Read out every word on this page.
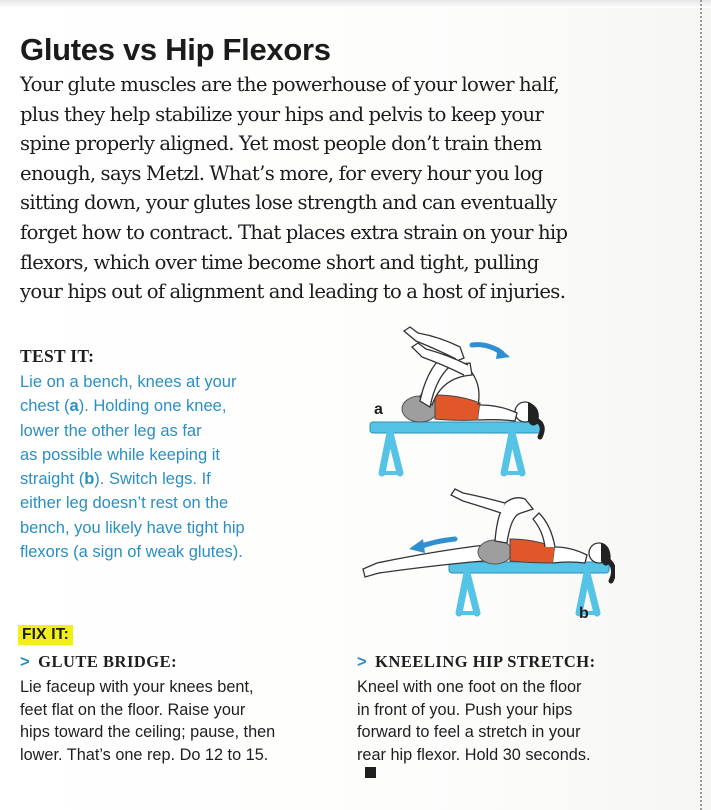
Glutes vs Hip Flexors
Your glute muscles are the powerhouse of your lower half,
plus they help stabilize your hips and pelvis to keep your
spine properly aligned. Yet most people don’t train them
enough, says Metzl. What’s more, for every hour you log
sitting down, your glutes lose strength and can eventually
forget how to contract. That places extra strain on your hip
flexors, which over time become short and tight, pulling
your hips out of alignment and leading to a host of injuries.
TEST IT:
Lie on a bench, knees at your
chest (a). Holding one knee,
lower the other leg as far
as possible while keeping it
straight (b). Switch legs. If
either leg doesn’t rest on the
bench, you likely have tight hip
flexors (a sign of weak glutes).
a
b
FIX IT:
> GLUTE BRIDGE:
Lie faceup with your knees bent,
feet flat on the floor. Raise your
hips toward the ceiling; pause, then
lower. That’s one rep. Do 12 to 15.
> KNEELING HIP STRETCH:
Kneel with one foot on the floor
in front of you. Push your hips
forward to feel a stretch in your
rear hip flexor. Hold 30 seconds.
